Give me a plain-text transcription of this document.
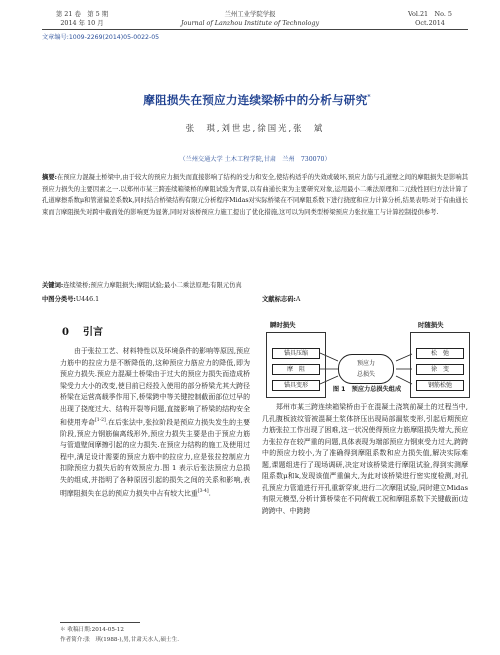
第 21 卷　第 5 期
2014 年 10 月
兰州工业学院学报
Journal of Lanzhou Institute of Technology
Vol.21　No. 5
Oct.2014
文章编号:1009-2269(2014)05-0022-05
摩阻损失在预应力连续梁桥中的分析与研究*
张　琪,刘世忠,徐国光,张　斌
（兰州交通大学 土木工程学院,甘肃　兰州　730070）
摘要:在预应力混凝土桥梁中,由于较大的预应力损失而直接影响了结构的受力和安全,使结构适乎的失效或破坏,预应力筋与孔道壁之间的摩阻损失是影响其预应力损失的主要因素之一.以郑州市某三跨连续箱梁桥的摩阻试验为背景,以有曲通长束为主要研究对象,运用最小二乘法原理和二元线性回归方法计算了孔道摩擦系数μ和管道偏差系数k,同时结合桥梁结构有限元分析程序Midas对实际桥梁在不同摩阻系数下进行挠度和应力计算分析,结果表明:对于有曲通长束而言摩阻损失对跨中截面处的影响更为显著,同时对该桥预应力施工提出了优化措施,这可以为同类型桥梁预应力张拉施工与计算控制提供参考.
关键词:连续梁桥;预应力摩阻损失;摩阻试验;最小二乘法原理;有限元仿真
中图分类号:U446.1	文献标志码:A
0 引言

由于张拉工艺、材料特性以及环境条件的影响等原因,预应力筋中的拉应力是不断降低的,这种预应力筋应力的降低,即为预应力损失.预应力混凝土桥梁由于过大的预应力损失而造成桥梁受力大小的改变,使目前已经投入使用的部分桥梁尤其大跨径桥梁在运营高载季作用下,桥梁跨中等关键控制截面部位过早的出现了挠度过大、结构开裂等问题,直接影响了桥梁的结构安全和使用寿命[1-2].在后张法中,张拉阶段是预应力损失发生的主要阶段,预应力钢筋偏离线形外,预应力损失主要是由于预应力筋与管道壁间摩擦引起的应力损失.在预应力结构的施工及使用过程中,满足设计需要的预应力筋中的拉应力,应是张拉控制应力扣除预应力损失后的有效预应力.图 1 表示后张法预应力总损失的组成,并指明了各种原因引起的损失之间的关系和影响,表明摩阻损失在总的预应力损失中占有较大比重[3-4].

瞬时损失	时随损失
锚具压缩
摩　阻
锚具变形
预应力
总损失
松　弛
徐　变
钢筋松弛
图 1　预应力总损失组成

郑州市某三跨连续箱梁桥由于在混凝土浇筑前凝土的过程当中,几孔腹板波纹管被混凝土浆体挤压出现局部漏浆变形,引起后期预应力筋张拉工作出现了困难,这一状况使得预应力筋摩阻损失增大,预应力张拉存在较严重的问题,具体表现为端部预应力钢束受力过大,跨跨中的预应力较小,为了准确得到摩阻系数和应力损失值,解决实际难题,课题组进行了现场调研,决定对该桥梁进行摩阻试验,得到实测摩阻系数μ和k,发现该值严重偏大,为此对该桥梁进行密实度检测,对孔孔预应力管道进行开孔重新穿束,进行二次摩阻试验,同时建立Midas有限元模型,分析计算桥梁在不同荷载工况和摩阻系数下关键截面(边跨跨中、中跨跨

＊ 收稿日期:2014-05-12
作者简介:张　琪(1988-),男,甘肃天水人,硕士生.
